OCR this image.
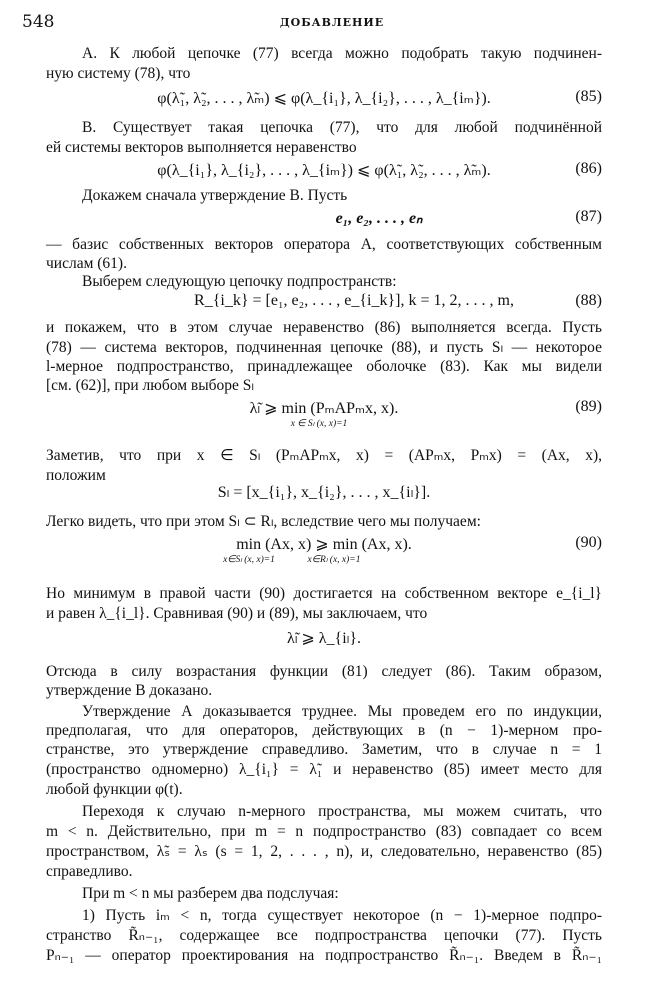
548	ДОБАВЛЕНИЕ
А. К любой цепочке (77) всегда можно подобрать такую подчинен-
ную систему (78), что
φ(λ̃₁, λ̃₂, . . . , λ̃ₘ) ⩽ φ(λ_{i₁}, λ_{i₂}, . . . , λ_{iₘ}).	(85)
В. Существует такая цепочка (77), что для любой подчинённой
ей системы векторов выполняется неравенство
φ(λ_{i₁}, λ_{i₂}, . . . , λ_{iₘ}) ⩽ φ(λ̃₁, λ̃₂, . . . , λ̃ₘ).	(86)
Докажем сначала утверждение В. Пусть
e₁, e₂, . . . , eₙ	(87)
— базис собственных векторов оператора A, соответствующих собственным
числам (61).
Выберем следующую цепочку подпространств:
R_{i_k} = [e₁, e₂, . . . , e_{i_k}], k = 1, 2, . . . , m,	(88)
и покажем, что в этом случае неравенство (86) выполняется всегда. Пусть
(78) — система векторов, подчиненная цепочке (88), и пусть Sₗ — некоторое
l-мерное подпространство, принадлежащее оболочке (83). Как мы видели
[см. (62)], при любом выборе Sₗ
λ̃ₗ ⩾ min (PₘAPₘx, x).
x ∈ Sₗ (x, x)=1
(89)
Заметив, что при x ∈ Sₗ (PₘAPₘx, x) = (APₘx, Pₘx) = (Ax, x),
положим
Sₗ = [x_{i₁}, x_{i₂}, . . . , x_{iₗ}].
Легко видеть, что при этом Sₗ ⊂ Rₗ, вследствие чего мы получаем:
min (Ax, x) ⩾ min (Ax, x).
x∈Sₗ (x, x)=1	x∈Rₗ (x, x)=1
(90)
Но минимум в правой части (90) достигается на собственном векторе e_{i_l}
и равен λ_{i_l}. Сравнивая (90) и (89), мы заключаем, что
λ̃ₗ ⩾ λ_{iₗ}.
Отсюда в силу возрастания функции (81) следует (86). Таким образом,
утверждение В доказано.
Утверждение А доказывается труднее. Мы проведем его по индукции,
предполагая, что для операторов, действующих в (n − 1)-мерном про-
странстве, это утверждение справедливо. Заметим, что в случае n = 1
(пространство одномерно) λ_{i₁} = λ̃₁ и неравенство (85) имеет место для
любой функции φ(t).
Переходя к случаю n-мерного пространства, мы можем считать, что
m < n. Действительно, при m = n подпространство (83) совпадает со всем
пространством, λ̃ₛ = λₛ (s = 1, 2, . . . , n), и, следовательно, неравенство (85)
справедливо.
При m < n мы разберем два подслучая:
1) Пусть iₘ < n, тогда существует некоторое (n − 1)-мерное подпро-
странство R̃ₙ₋₁, содержащее все подпространства цепочки (77). Пусть
Pₙ₋₁ — оператор проектирования на подпространство R̃ₙ₋₁. Введем в R̃ₙ₋₁
